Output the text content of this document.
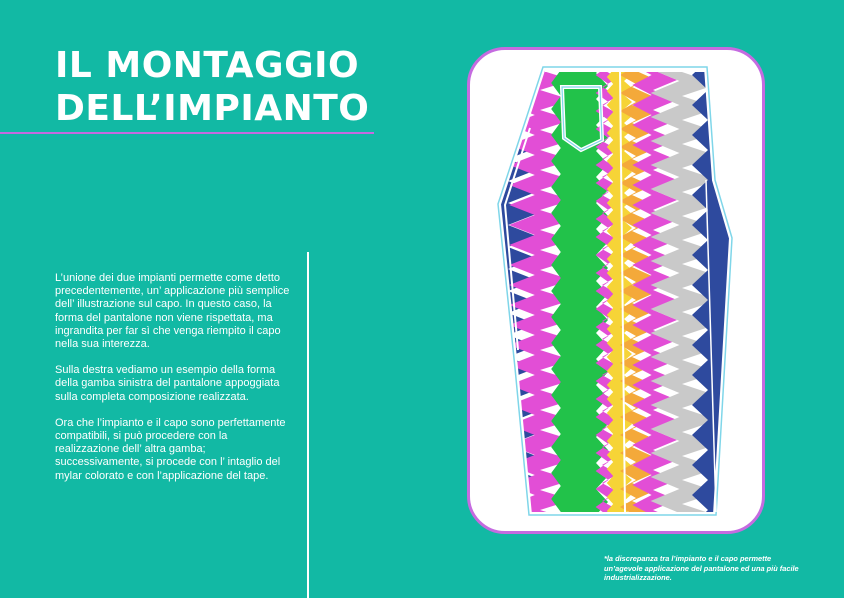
IL MONTAGGIO
DELL’IMPIANTO

L’unione dei due impianti permette come detto precedentemente, un’ applicazione più semplice dell’ illustrazione sul capo. In questo caso, la forma del pantalone non viene rispettata, ma ingrandita per far sì che venga riempito il capo nella sua interezza.

Sulla destra vediamo un esempio della forma della gamba sinistra del pantalone appoggiata sulla completa composizione realizzata.

Ora che l’impianto e il capo sono perfettamente compatibili, si può procedere con la realizzazione dell’ altra gamba; successivamente, si procede con l’ intaglio del mylar colorato e con l’applicazione del tape.

*la discrepanza tra l’impianto e il capo permette un’agevole applicazione del pantalone ed una più facile industrializzazione.
